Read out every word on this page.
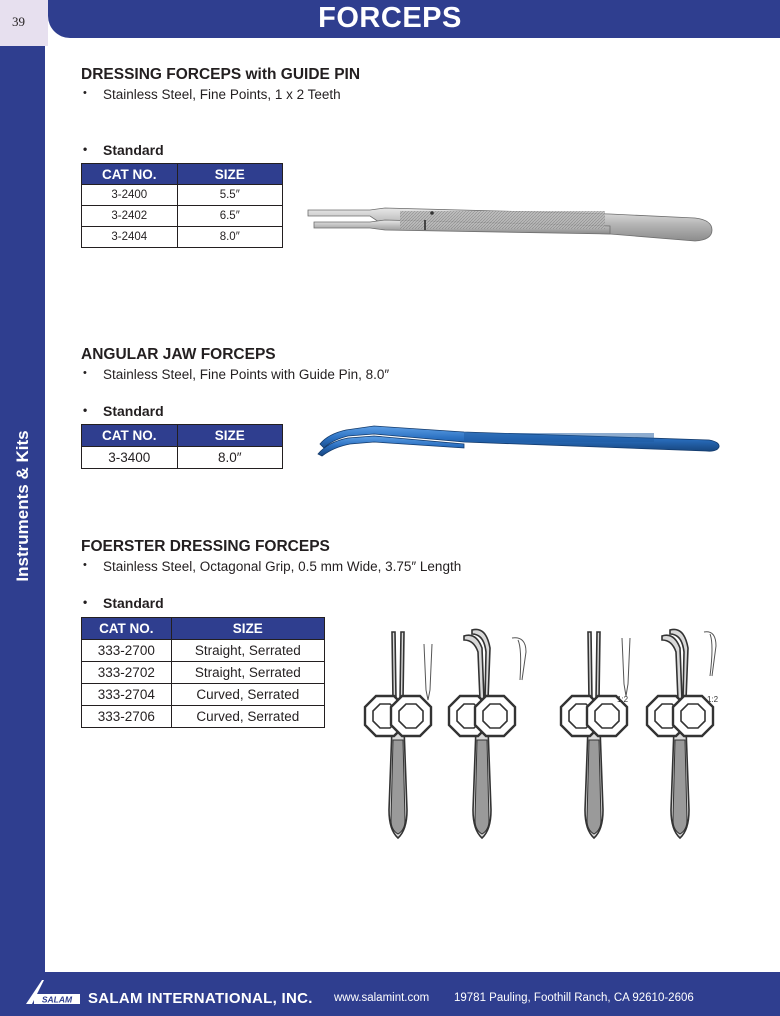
39	FORCEPS
Instruments & Kits
DRESSING FORCEPS with GUIDE PIN
• Stainless Steel, Fine Points, 1 x 2 Teeth
• Standard
CAT NO.	SIZE
3-2400	5.5″
3-2402	6.5″
3-2404	8.0″
ANGULAR JAW FORCEPS
• Stainless Steel, Fine Points with Guide Pin, 8.0″
• Standard
CAT NO.	SIZE
3-3400	8.0″
FOERSTER DRESSING FORCEPS
• Stainless Steel, Octagonal Grip, 0.5 mm Wide, 3.75″ Length
• Standard
CAT NO.	SIZE
333-2700	Straight, Serrated
333-2702	Straight, Serrated
333-2704	Curved, Serrated
333-2706	Curved, Serrated
1:2	1:2
SALAM SALAM INTERNATIONAL, INC. www.salamint.com 19781 Pauling, Foothill Ranch, CA 92610-2606
